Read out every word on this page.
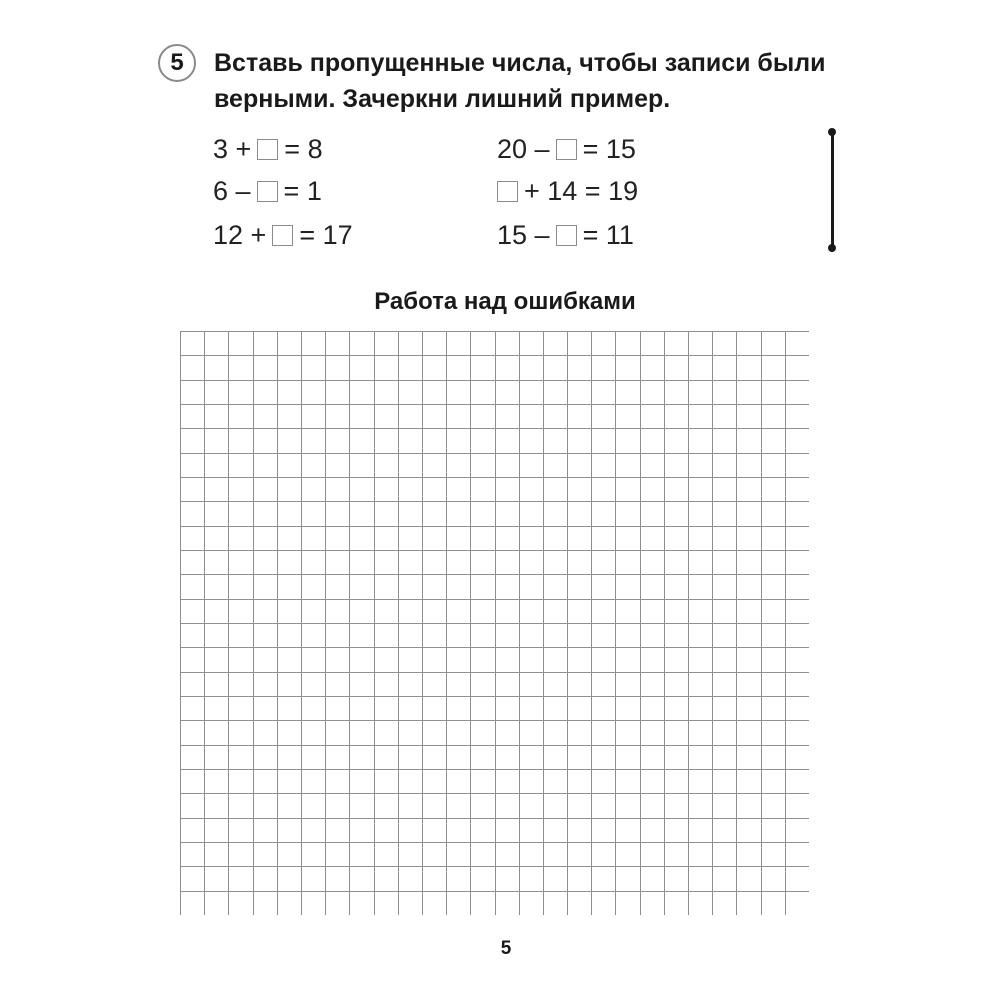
5	Вставь пропущенные числа, чтобы записи были
верными. Зачеркни лишний пример.
3 + = 8
6 – = 1
12 + = 17
20 – = 15
+ 14 = 19
15 – = 11
Работа над ошибками
5
